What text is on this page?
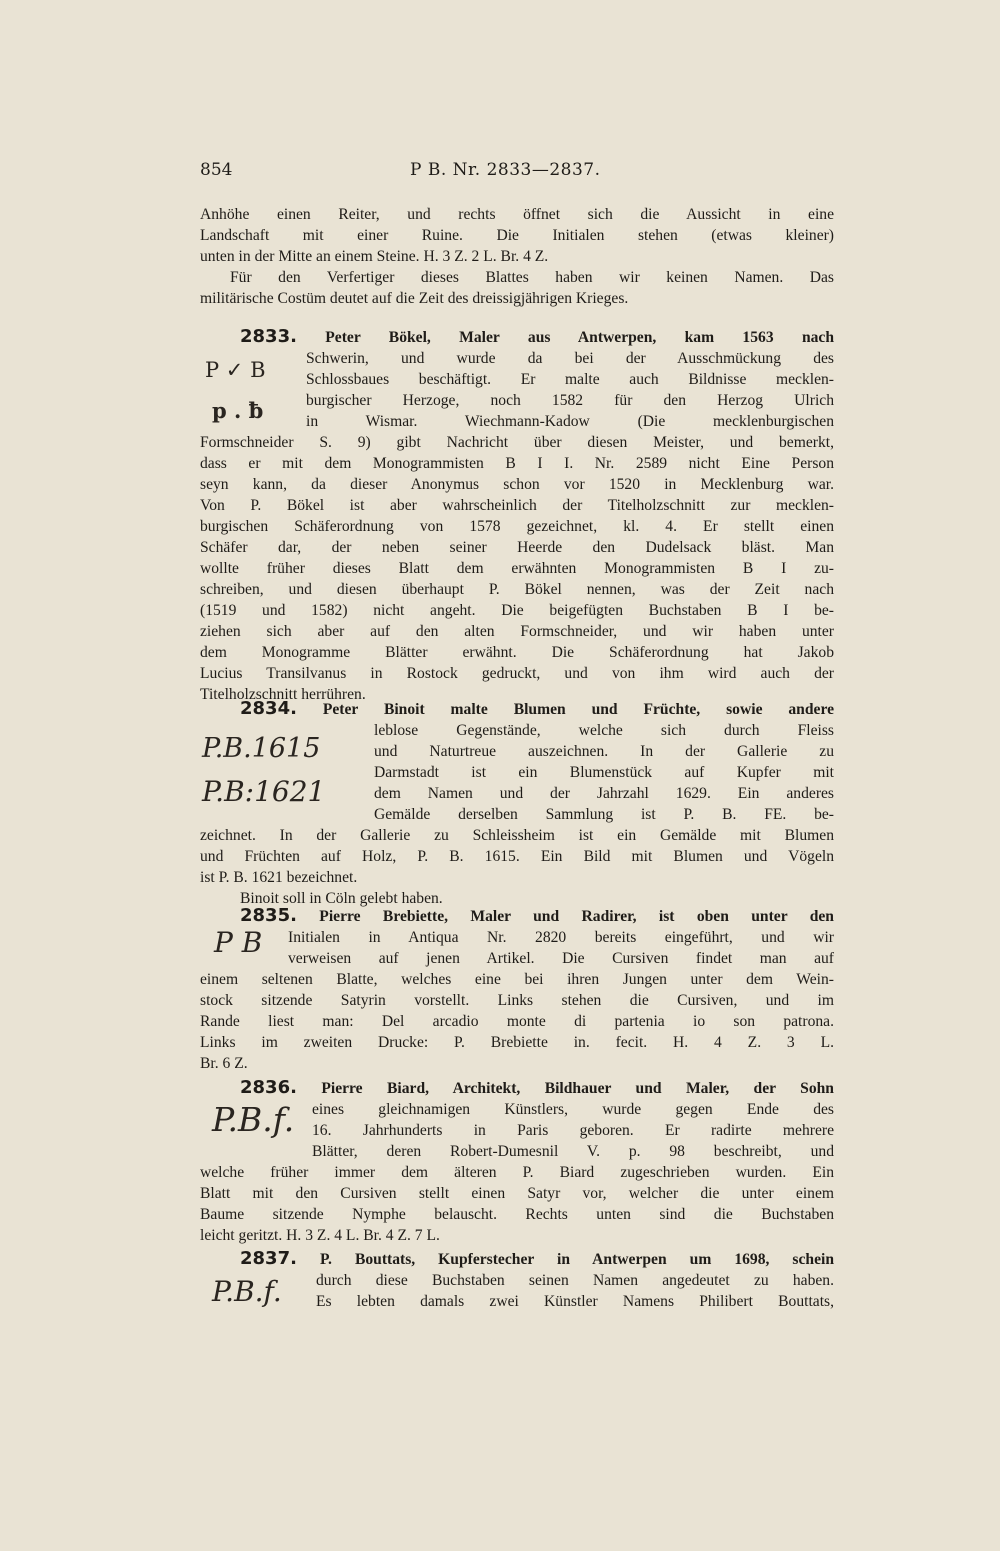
854	P B. Nr. 2833—2837.
Anhöhe einen Reiter, und rechts öffnet sich die Aussicht in eine
Landschaft mit einer Ruine. Die Initialen stehen (etwas kleiner)
unten in der Mitte an einem Steine. H. 3 Z. 2 L. Br. 4 Z.
Für den Verfertiger dieses Blattes haben wir keinen Namen. Das
militärische Costüm deutet auf die Zeit des dreissigjährigen Krieges.
2833. Peter Bökel, Maler aus Antwerpen, kam 1563 nach
Schwerin, und wurde da bei der Ausschmückung des
Schlossbaues beschäftigt. Er malte auch Bildnisse mecklen-
burgischer Herzoge, noch 1582 für den Herzog Ulrich
in Wismar. Wiechmann-Kadow (Die mecklenburgischen
Formschneider S. 9) gibt Nachricht über diesen Meister, und bemerkt,
dass er mit dem Monogrammisten B I I. Nr. 2589 nicht Eine Person
seyn kann, da dieser Anonymus schon vor 1520 in Mecklenburg war.
Von P. Bökel ist aber wahrscheinlich der Titelholzschnitt zur mecklen-
burgischen Schäferordnung von 1578 gezeichnet, kl. 4. Er stellt einen
Schäfer dar, der neben seiner Heerde den Dudelsack bläst. Man
wollte früher dieses Blatt dem erwähnten Monogrammisten B I zu-
schreiben, und diesen überhaupt P. Bökel nennen, was der Zeit nach
(1519 und 1582) nicht angeht. Die beigefügten Buchstaben B I be-
ziehen sich aber auf den alten Formschneider, und wir haben unter
dem Monogramme Blätter erwähnt. Die Schäferordnung hat Jakob
Lucius Transilvanus in Rostock gedruckt, und von ihm wird auch der
Titelholzschnitt herrühren.
P ✓ B
p . ƀ
2834. Peter Binoit malte Blumen und Früchte, sowie andere
leblose Gegenstände, welche sich durch Fleiss
und Naturtreue auszeichnen. In der Gallerie zu
Darmstadt ist ein Blumenstück auf Kupfer mit
dem Namen und der Jahrzahl 1629. Ein anderes
Gemälde derselben Sammlung ist P. B. FE. be-
zeichnet. In der Gallerie zu Schleissheim ist ein Gemälde mit Blumen
und Früchten auf Holz, P. B. 1615. Ein Bild mit Blumen und Vögeln
ist P. B. 1621 bezeichnet.
Binoit soll in Cöln gelebt haben.
P.B.1615
P.B:1621
2835. Pierre Brebiette, Maler und Radirer, ist oben unter den
Initialen in Antiqua Nr. 2820 bereits eingeführt, und wir
verweisen auf jenen Artikel. Die Cursiven findet man auf
einem seltenen Blatte, welches eine bei ihren Jungen unter dem Wein-
stock sitzende Satyrin vorstellt. Links stehen die Cursiven, und im
Rande liest man: Del arcadio monte di partenia io son patrona.
Links im zweiten Drucke: P. Brebiette in. fecit. H. 4 Z. 3 L.
Br. 6 Z.
P B
2836. Pierre Biard, Architekt, Bildhauer und Maler, der Sohn
eines gleichnamigen Künstlers, wurde gegen Ende des
16. Jahrhunderts in Paris geboren. Er radirte mehrere
Blätter, deren Robert-Dumesnil V. p. 98 beschreibt, und
welche früher immer dem älteren P. Biard zugeschrieben wurden. Ein
Blatt mit den Cursiven stellt einen Satyr vor, welcher die unter einem
Baume sitzende Nymphe belauscht. Rechts unten sind die Buchstaben
leicht geritzt. H. 3 Z. 4 L. Br. 4 Z. 7 L.
P.B.f.
2837. P. Bouttats, Kupferstecher in Antwerpen um 1698, schein
durch diese Buchstaben seinen Namen angedeutet zu haben.
Es lebten damals zwei Künstler Namens Philibert Bouttats,
P.B.f.
